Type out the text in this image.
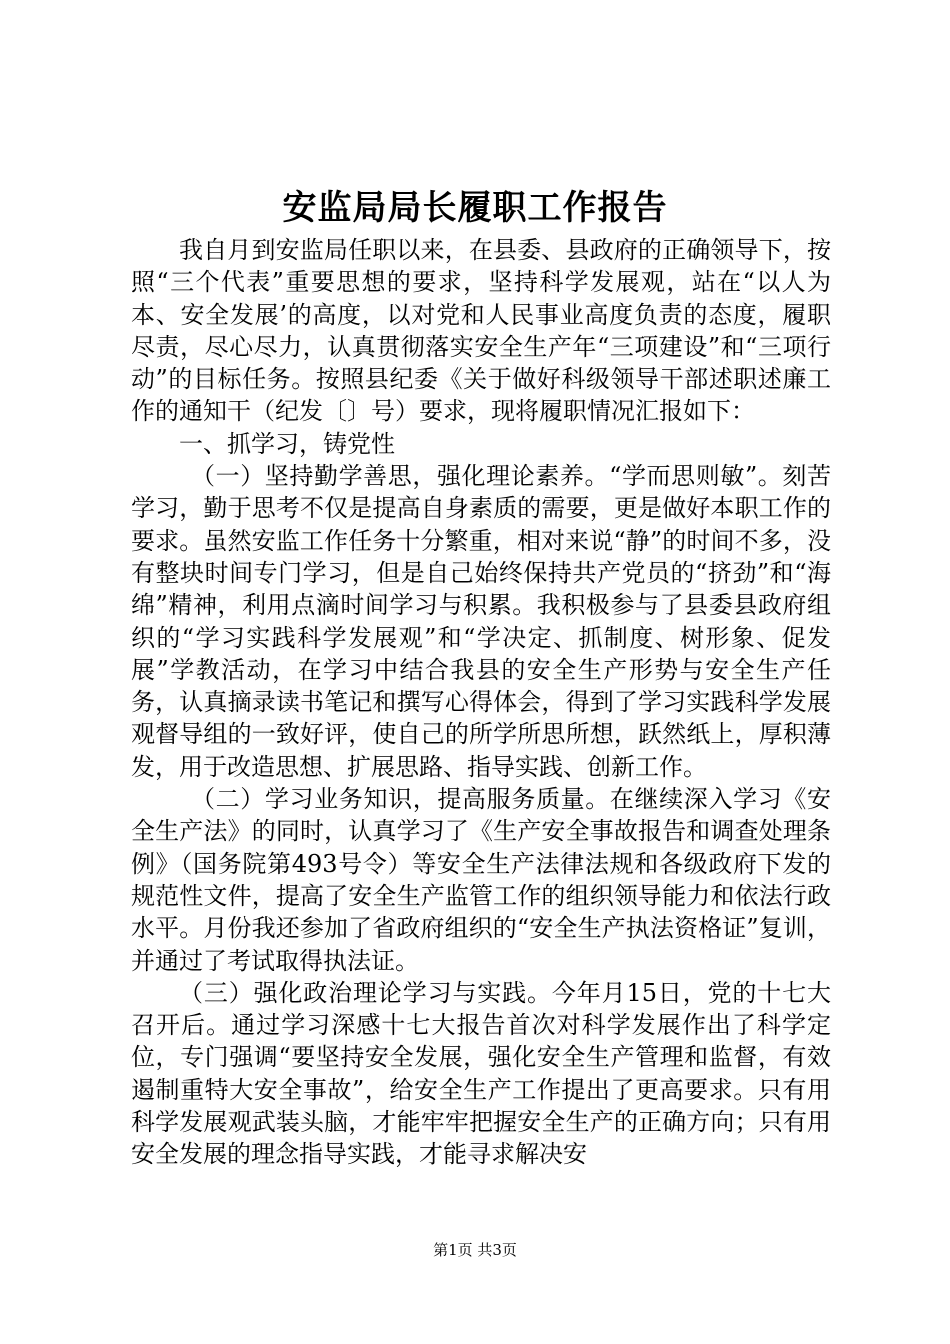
安监局局长履职工作报告

我自月到安监局任职以来，在县委、县政府的正确领导下，按照“三个代表”重要思想的要求，坚持科学发展观，站在“以人为本、安全发展’的高度，以对党和人民事业高度负责的态度，履职尽责，尽心尽力，认真贯彻落实安全生产年“三项建设”和“三项行动”的目标任务。按照县纪委《关于做好科级领导干部述职述廉工作的通知干（纪发〔〕号）要求，现将履职情况汇报如下：

一、抓学习，铸党性

（一）坚持勤学善思，强化理论素养。“学而思则敏”。刻苦学习，勤于思考不仅是提高自身素质的需要，更是做好本职工作的要求。虽然安监工作任务十分繁重，相对来说“静”的时间不多，没有整块时间专门学习，但是自己始终保持共产党员的“挤劲”和“海绵”精神，利用点滴时间学习与积累。我积极参与了县委县政府组织的“学习实践科学发展观”和“学决定、抓制度、树形象、促发展”学教活动，在学习中结合我县的安全生产形势与安全生产任务，认真摘录读书笔记和撰写心得体会，得到了学习实践科学发展观督导组的一致好评，使自己的所学所思所想，跃然纸上，厚积薄发，用于改造思想、扩展思路、指导实践、创新工作。

（二）学习业务知识，提高服务质量。在继续深入学习《安全生产法》的同时，认真学习了《生产安全事故报告和调查处理条例》（国务院第493号令）等安全生产法律法规和各级政府下发的规范性文件，提高了安全生产监管工作的组织领导能力和依法行政水平。月份我还参加了省政府组织的“安全生产执法资格证”复训，并通过了考试取得执法证。

（三）强化政治理论学习与实践。今年月15日，党的十七大召开后。通过学习深感十七大报告首次对科学发展作出了科学定位，专门强调“要坚持安全发展，强化安全生产管理和监督，有效遏制重特大安全事故”，给安全生产工作提出了更高要求。只有用科学发展观武装头脑，才能牢牢把握安全生产的正确方向；只有用安全发展的理念指导实践，才能寻求解决安

第1页 共3页
